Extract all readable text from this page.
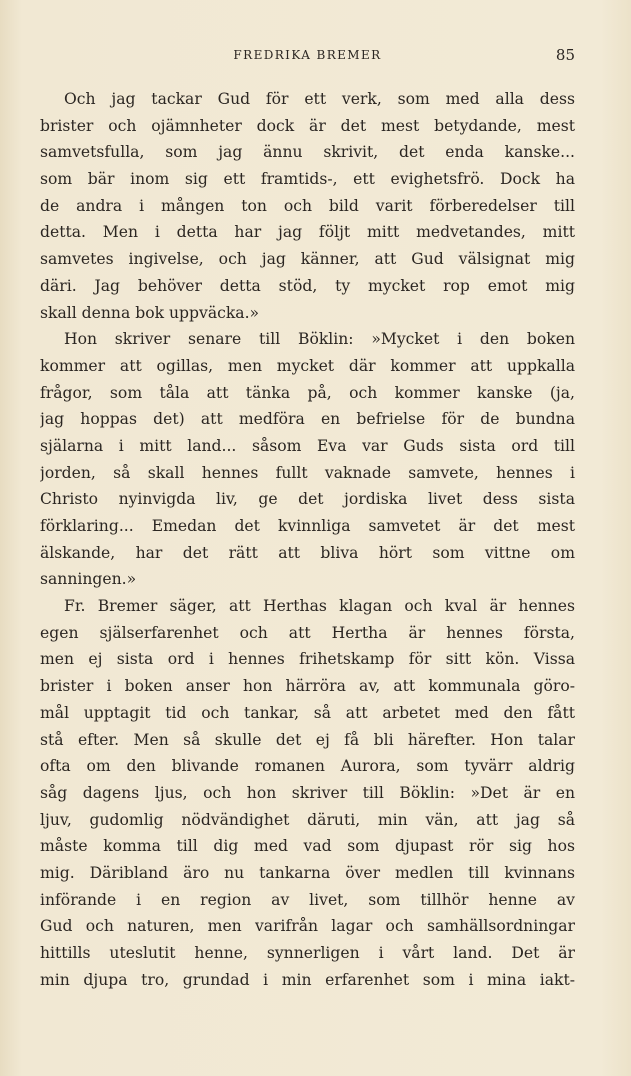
FREDRIKA BREMER	85
Och jag tackar Gud för ett verk, som med alla dess
brister och ojämnheter dock är det mest betydande, mest
samvetsfulla, som jag ännu skrivit, det enda kanske...
som bär inom sig ett framtids-, ett evighetsfrö. Dock ha
de andra i mången ton och bild varit förberedelser till
detta. Men i detta har jag följt mitt medvetandes, mitt
samvetes ingivelse, och jag känner, att Gud välsignat mig
däri. Jag behöver detta stöd, ty mycket rop emot mig
skall denna bok uppväcka.»
Hon skriver senare till Böklin: »Mycket i den boken
kommer att ogillas, men mycket där kommer att uppkalla
frågor, som tåla att tänka på, och kommer kanske (ja,
jag hoppas det) att medföra en befrielse för de bundna
själarna i mitt land... såsom Eva var Guds sista ord till
jorden, så skall hennes fullt vaknade samvete, hennes i
Christo nyinvigda liv, ge det jordiska livet dess sista
förklaring... Emedan det kvinnliga samvetet är det mest
älskande, har det rätt att bliva hört som vittne om
sanningen.»
Fr. Bremer säger, att Herthas klagan och kval är hennes
egen själserfarenhet och att Hertha är hennes första,
men ej sista ord i hennes frihetskamp för sitt kön. Vissa
brister i boken anser hon härröra av, att kommunala göro-
mål upptagit tid och tankar, så att arbetet med den fått
stå efter. Men så skulle det ej få bli härefter. Hon talar
ofta om den blivande romanen Aurora, som tyvärr aldrig
såg dagens ljus, och hon skriver till Böklin: »Det är en
ljuv, gudomlig nödvändighet däruti, min vän, att jag så
måste komma till dig med vad som djupast rör sig hos
mig. Däribland äro nu tankarna över medlen till kvinnans
införande i en region av livet, som tillhör henne av
Gud och naturen, men varifrån lagar och samhällsordningar
hittills uteslutit henne, synnerligen i vårt land. Det är
min djupa tro, grundad i min erfarenhet som i mina iakt-
